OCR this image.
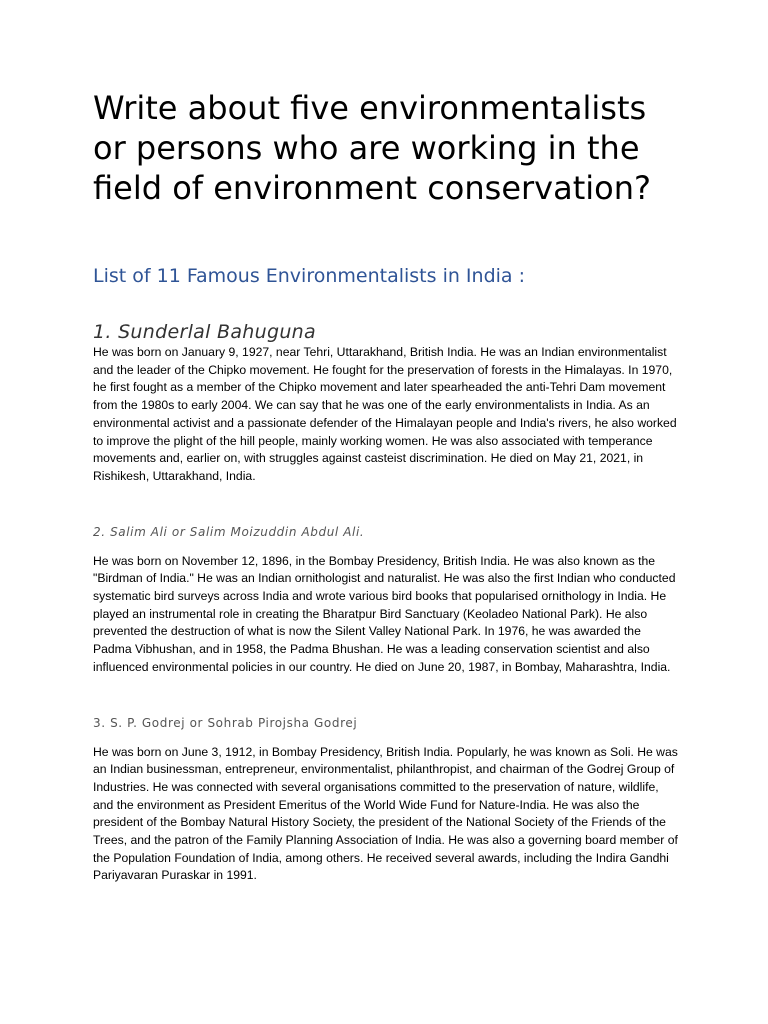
Write about five environmentalists or persons who are working in the field of environment conservation?
List of 11 Famous Environmentalists in India :
1. Sunderlal Bahuguna

He was born on January 9, 1927, near Tehri, Uttarakhand, British India. He was an Indian environmentalist and the leader of the Chipko movement. He fought for the preservation of forests in the Himalayas. In 1970, he first fought as a member of the Chipko movement and later spearheaded the anti-Tehri Dam movement from the 1980s to early 2004. We can say that he was one of the early environmentalists in India. As an environmental activist and a passionate defender of the Himalayan people and India's rivers, he also worked to improve the plight of the hill people, mainly working women. He was also associated with temperance movements and, earlier on, with struggles against casteist discrimination. He died on May 21, 2021, in Rishikesh, Uttarakhand, India.

2. Salim Ali or Salim Moizuddin Abdul Ali.

He was born on November 12, 1896, in the Bombay Presidency, British India. He was also known as the "Birdman of India." He was an Indian ornithologist and naturalist. He was also the first Indian who conducted systematic bird surveys across India and wrote various bird books that popularised ornithology in India. He played an instrumental role in creating the Bharatpur Bird Sanctuary (Keoladeo National Park). He also prevented the destruction of what is now the Silent Valley National Park. In 1976, he was awarded the Padma Vibhushan, and in 1958, the Padma Bhushan. He was a leading conservation scientist and also influenced environmental policies in our country. He died on June 20, 1987, in Bombay, Maharashtra, India.

3. S. P. Godrej or Sohrab Pirojsha Godrej

He was born on June 3, 1912, in Bombay Presidency, British India. Popularly, he was known as Soli. He was an Indian businessman, entrepreneur, environmentalist, philanthropist, and chairman of the Godrej Group of Industries. He was connected with several organisations committed to the preservation of nature, wildlife, and the environment as President Emeritus of the World Wide Fund for Nature-India. He was also the president of the Bombay Natural History Society, the president of the National Society of the Friends of the Trees, and the patron of the Family Planning Association of India. He was also a governing board member of the Population Foundation of India, among others. He received several awards, including the Indira Gandhi Pariyavaran Puraskar in 1991.
